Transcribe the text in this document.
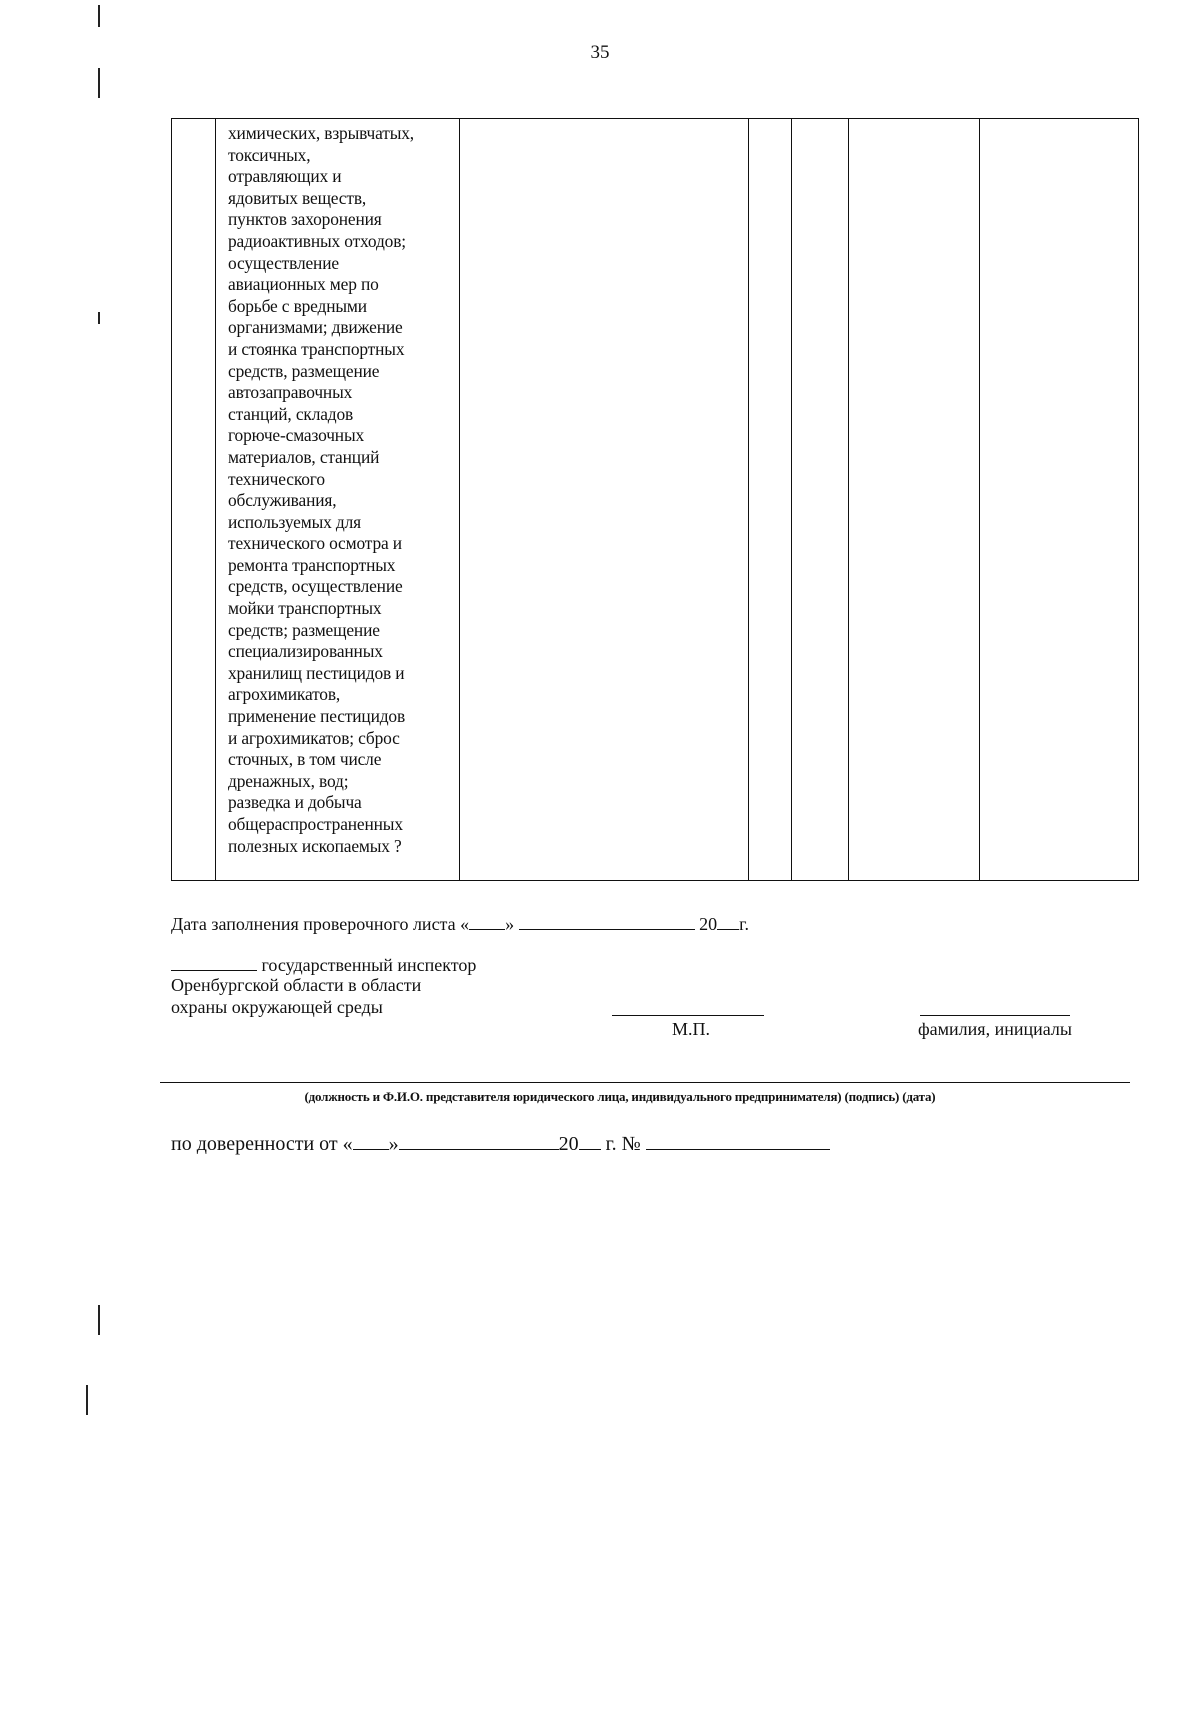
35

химических, взрывчатых,
токсичных,
отравляющих и
ядовитых веществ,
пунктов захоронения
радиоактивных отходов;
осуществление
авиационных мер по
борьбе с вредными
организмами; движение
и стоянка транспортных
средств, размещение
автозаправочных
станций, складов
горюче-смазочных
материалов, станций
технического
обслуживания,
используемых для
технического осмотра и
ремонта транспортных
средств, осуществление
мойки транспортных
средств; размещение
специализированных
хранилищ пестицидов и
агрохимикатов,
применение пестицидов
и агрохимикатов; сброс
сточных, в том числе
дренажных, вод;
разведка и добыча
общераспространенных
полезных ископаемых ?

Дата заполнения проверочного листа « »	20 г.
государственный инспектор
Оренбургской области в области
охраны окружающей среды
М.П.	фамилия, инициалы
(должность и Ф.И.О. представителя юридического лица, индивидуального предпринимателя) (подпись) (дата)
по доверенности от « »	20 г. №
